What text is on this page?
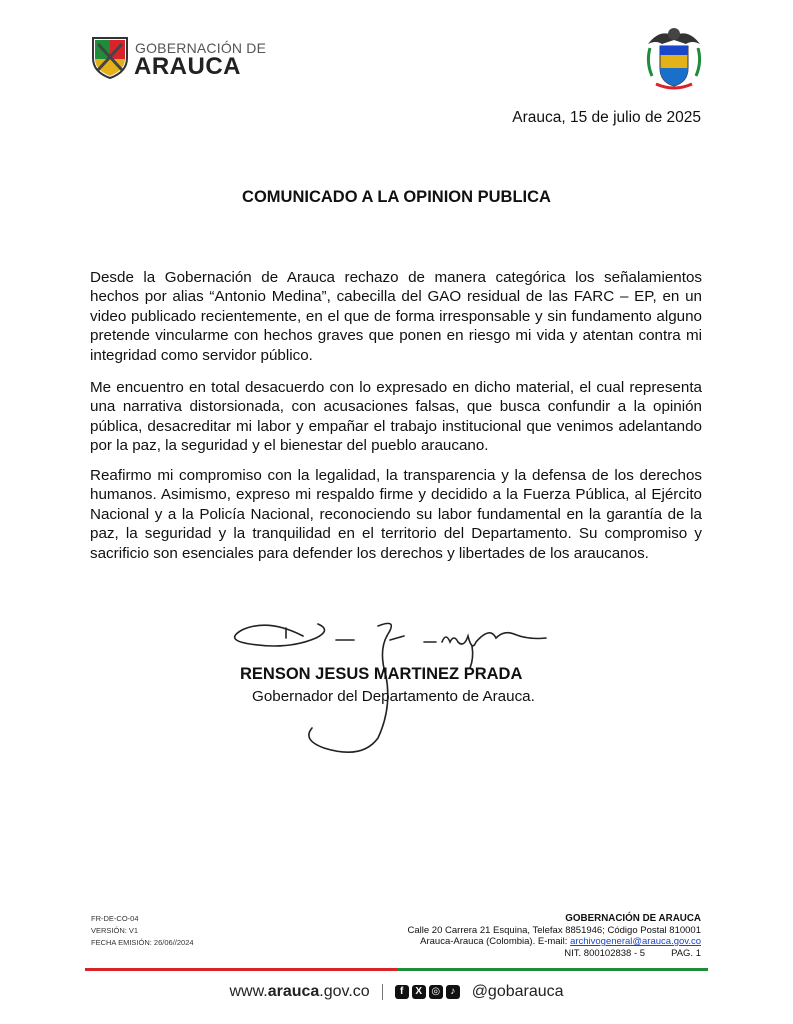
GOBERNACIÓN DE
ARAUCA
Arauca, 15 de julio de 2025
COMUNICADO A LA OPINION PUBLICA
Desde la Gobernación de Arauca rechazo de manera categórica los señalamientos hechos por alias “Antonio Medina”, cabecilla del GAO residual de las FARC – EP, en un video publicado recientemente, en el que de forma irresponsable y sin fundamento alguno pretende vincularme con hechos graves que ponen en riesgo mi vida y atentan contra mi integridad como servidor público.
Me encuentro en total desacuerdo con lo expresado en dicho material, el cual representa una narrativa distorsionada, con acusaciones falsas, que busca confundir a la opinión pública, desacreditar mi labor y empañar el trabajo institucional que venimos adelantando por la paz, la seguridad y el bienestar del pueblo araucano.
Reafirmo mi compromiso con la legalidad, la transparencia y la defensa de los derechos humanos. Asimismo, expreso mi respaldo firme y decidido a la Fuerza Pública, al Ejército Nacional y a la Policía Nacional, reconociendo su labor fundamental en la garantía de la paz, la seguridad y la tranquilidad en el territorio del Departamento. Su compromiso y sacrificio son esenciales para defender los derechos y libertades de los araucanos.
RENSON JESUS MARTINEZ PRADA
Gobernador del Departamento de Arauca.
FR-DE-CO-04
VERSIÓN: V1
FECHA EMISIÓN: 26/06//2024
GOBERNACIÓN DE ARAUCA
Calle 20 Carrera 21 Esquina, Telefax 8851946; Código Postal 810001
Arauca-Arauca (Colombia). E-mail: archivogeneral@arauca.gov.co
NIT. 800102838 - 5	PAG. 1
www.arauca.gov.co	f	X ◎	♪ @gobarauca
